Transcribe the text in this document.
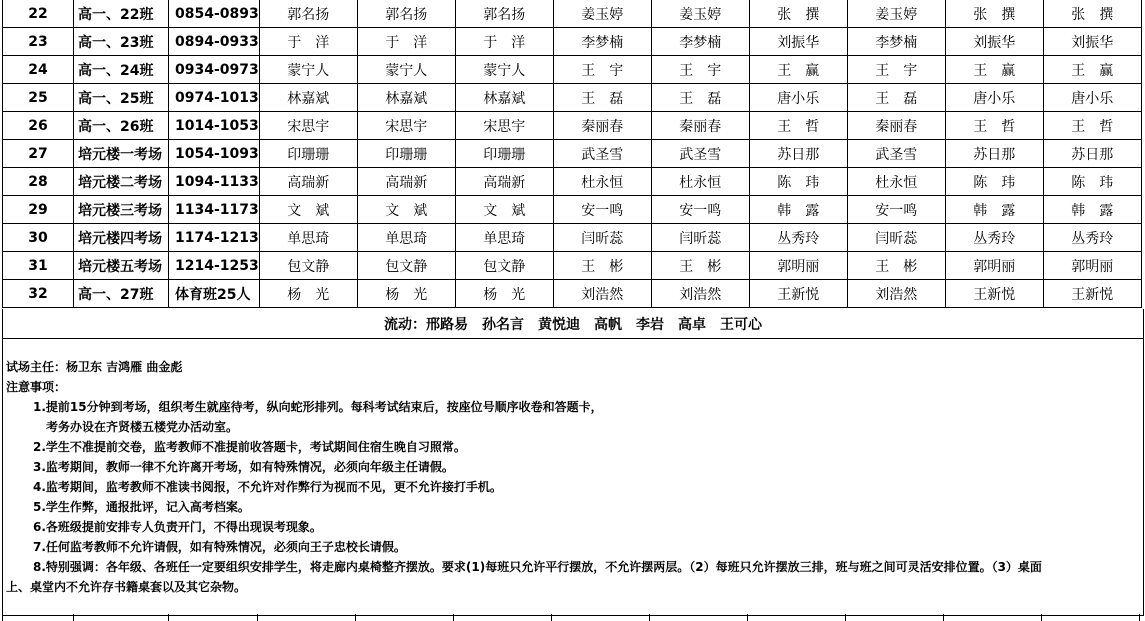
22	高一、22班	0854-0893	郭名扬	郭名扬	郭名扬	姜玉婷	姜玉婷	张　撰	姜玉婷	张　撰	张　撰
23	高一、23班	0894-0933	于　洋	于　洋	于　洋	李梦楠	李梦楠	刘振华	李梦楠	刘振华	刘振华
24	高一、24班	0934-0973	蒙宁人	蒙宁人	蒙宁人	王　宇	王　宇	王　赢	王　宇	王　赢	王　赢
25	高一、25班	0974-1013	林嘉斌	林嘉斌	林嘉斌	王　磊	王　磊	唐小乐	王　磊	唐小乐	唐小乐
26	高一、26班	1014-1053	宋思宇	宋思宇	宋思宇	秦丽春	秦丽春	王　哲	秦丽春	王　哲	王　哲
27	培元楼一考场	1054-1093	印珊珊	印珊珊	印珊珊	武圣雪	武圣雪	苏日那	武圣雪	苏日那	苏日那
28	培元楼二考场	1094-1133	高瑞新	高瑞新	高瑞新	杜永恒	杜永恒	陈　玮	杜永恒	陈　玮	陈　玮
29	培元楼三考场	1134-1173	文　斌	文　斌	文　斌	安一鸣	安一鸣	韩　露	安一鸣	韩　露	韩　露
30	培元楼四考场	1174-1213	单思琦	单思琦	单思琦	闫昕蕊	闫昕蕊	丛秀玲	闫昕蕊	丛秀玲	丛秀玲
31	培元楼五考场	1214-1253	包文静	包文静	包文静	王　彬	王　彬	郭明丽	王　彬	郭明丽	郭明丽
32	高一、27班	体育班25人	杨　光	杨　光	杨　光	刘浩然	刘浩然	王新悦	刘浩然	王新悦	王新悦
流动： 邢路易 孙名言 黄悦迪 高帆 李岩 高卓 王可心
试场主任：杨卫东 吉鸿雁 曲金彪
注意事项：
1.提前15分钟到考场，组织考生就座待考，纵向蛇形排列。每科考试结束后，按座位号顺序收卷和答题卡，
考务办设在齐贤楼五楼党办活动室。
2.学生不准提前交卷，监考教师不准提前收答题卡，考试期间住宿生晚自习照常。
3.监考期间，教师一律不允许离开考场，如有特殊情况，必须向年级主任请假。
4.监考期间，监考教师不准读书阅报，不允许对作弊行为视而不见，更不允许接打手机。
5.学生作弊，通报批评，记入高考档案。
6.各班级提前安排专人负责开门，不得出现误考现象。
7.任何监考教师不允许请假，如有特殊情况，必须向王子忠校长请假。
8.特别强调：各年级、各班任一定要组织安排学生，将走廊内桌椅整齐摆放。要求(1)每班只允许平行摆放，不允许摆两层。（2）每班只允许摆放三排，班与班之间可灵活安排位置。（3）桌面
上、桌堂内不允许存书籍桌套以及其它杂物。
